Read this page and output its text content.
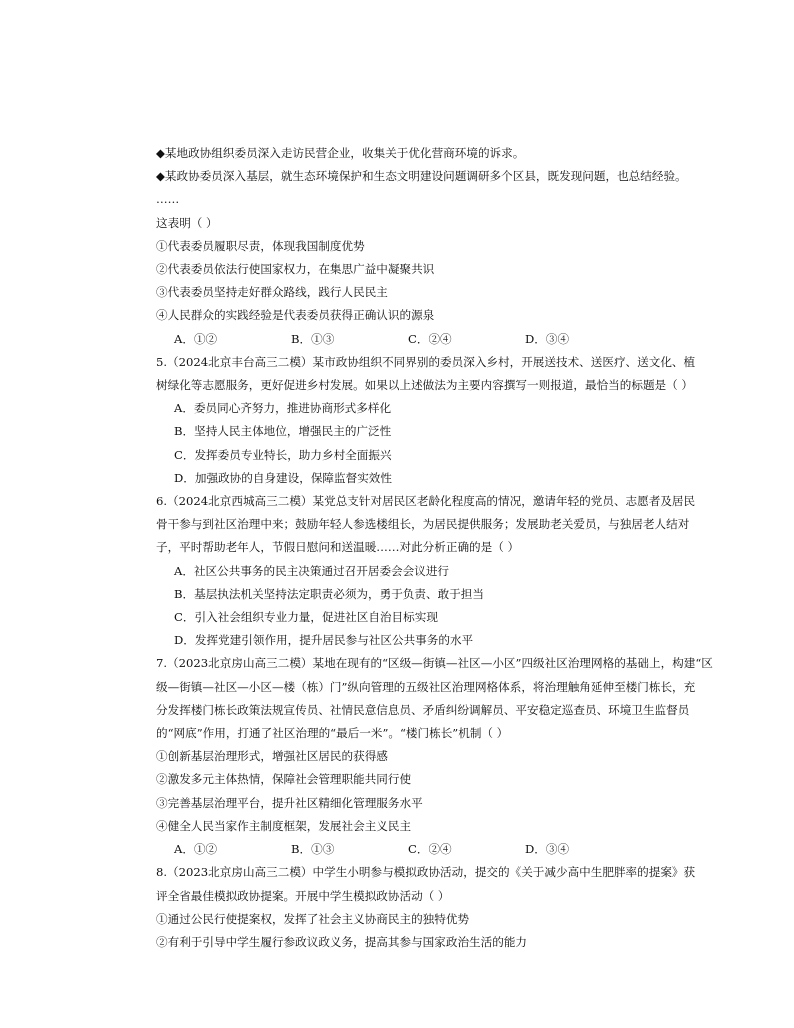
◆某地政协组织委员深入走访民营企业，收集关于优化营商环境的诉求。
◆某政协委员深入基层，就生态环境保护和生态文明建设问题调研多个区县，既发现问题，也总结经验。
……
这表明（ ）
①代表委员履职尽责，体现我国制度优势
②代表委员依法行使国家权力，在集思广益中凝聚共识
③代表委员坚持走好群众路线，践行人民民主
④人民群众的实践经验是代表委员获得正确认识的源泉
A．①②	B．①③	C．②④	D．③④
5.（2024北京丰台高三二模）某市政协组织不同界别的委员深入乡村，开展送技术、送医疗、送文化、植
树绿化等志愿服务，更好促进乡村发展。如果以上述做法为主要内容撰写一则报道，最恰当的标题是（ ）
A．委员同心齐努力，推进协商形式多样化
B．坚持人民主体地位，增强民主的广泛性
C．发挥委员专业特长，助力乡村全面振兴
D．加强政协的自身建设，保障监督实效性
6.（2024北京西城高三二模）某党总支针对居民区老龄化程度高的情况，邀请年轻的党员、志愿者及居民
骨干参与到社区治理中来；鼓励年轻人参选楼组长，为居民提供服务；发展助老关爱员，与独居老人结对
子，平时帮助老年人，节假日慰问和送温暖……对此分析正确的是（ ）
A．社区公共事务的民主决策通过召开居委会会议进行
B．基层执法机关坚持法定职责必须为，勇于负责、敢于担当
C．引入社会组织专业力量，促进社区自治目标实现
D．发挥党建引领作用，提升居民参与社区公共事务的水平
7.（2023北京房山高三二模）某地在现有的“区级—街镇—社区—小区”四级社区治理网格的基础上，构建“区
级—街镇—社区—小区—楼（栋）门”纵向管理的五级社区治理网格体系，将治理触角延伸至楼门栋长，充
分发挥楼门栋长政策法规宣传员、社情民意信息员、矛盾纠纷调解员、平安稳定巡查员、环境卫生监督员
的“网底”作用，打通了社区治理的“最后一米”。“楼门栋长”机制（ ）
①创新基层治理形式，增强社区居民的获得感
②激发多元主体热情，保障社会管理职能共同行使
③完善基层治理平台，提升社区精细化管理服务水平
④健全人民当家作主制度框架，发展社会主义民主
A．①②	B．①③	C．②④	D．③④
8.（2023北京房山高三二模）中学生小明参与模拟政协活动，提交的《关于减少高中生肥胖率的提案》获
评全省最佳模拟政协提案。开展中学生模拟政协活动（ ）
①通过公民行使提案权，发挥了社会主义协商民主的独特优势
②有利于引导中学生履行参政议政义务，提高其参与国家政治生活的能力
